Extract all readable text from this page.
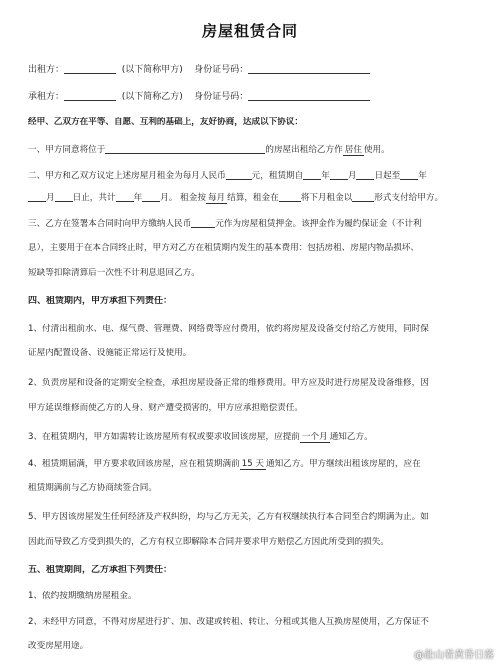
房屋租赁合同
出租方：	(以下简称甲方) 身份证号码：
承租方：	(以下简称乙方) 身份证号码：
经甲、乙双方在平等、自愿、互利的基础上，友好协商，达成以下协议：
一、甲方同意将位于	的房屋出租给乙方作 居住 使用。
二、甲方和乙双方议定上述房屋月租金为每月人民币	元，租赁期自 年 月 日起至 年
月 日止，共计 年 月。 租金按 每月 结算，租金在	将下月租金以	形式支付给甲方。
三、乙方在签署本合同时向甲方缴纳人民币	元作为房屋租赁押金。该押金作为履约保证金（不计利
息），主要用于在本合同终止时，甲方对乙方在租赁期内发生的基本费用：包括房租、房屋内物品损坏、
短缺等扣除清算后一次性不计利息退回乙方。
四、租赁期内，甲方承担下列责任：
1、付清出租前水、电、煤气费、管理费、网络费等应付费用，依约将房屋及设备交付给乙方使用，同时保
证屋内配置设备、设施能正常运行及使用。
2、负责房屋和设备的定期安全检查，承担房屋设备正常的维修费用。甲方应及时进行房屋及设备维修，因
甲方延误维修而使乙方的人身、财产遭受损害的，甲方应承担赔偿责任。
3、在租赁期内，甲方如需转让该房屋所有权或要求收回该房屋，应提前 一个月 通知乙方。
4、租赁期届满，甲方要求收回该房屋，应在租赁期满前 15 天 通知乙方。甲方继续出租该房屋的，应在
租赁期满前与乙方协商续签合同。
5、甲方因该房屋发生任何经济及产权纠纷，均与乙方无关，乙方有权继续执行本合同至合约期满为止。如
因此而导致乙方受到损失的，乙方有权立即解除本合同并要求甲方赔偿乙方因此所受到的损失。
五、租赁期间，乙方承担下列责任：
1、依约按期缴纳房屋租金。
2、未经甲方同意，不得对房屋进行扩、加、改建或转租、转让、分租或其他人互换房屋使用，乙方保证不
改变房屋用途。
@赴山看黄昏日落
